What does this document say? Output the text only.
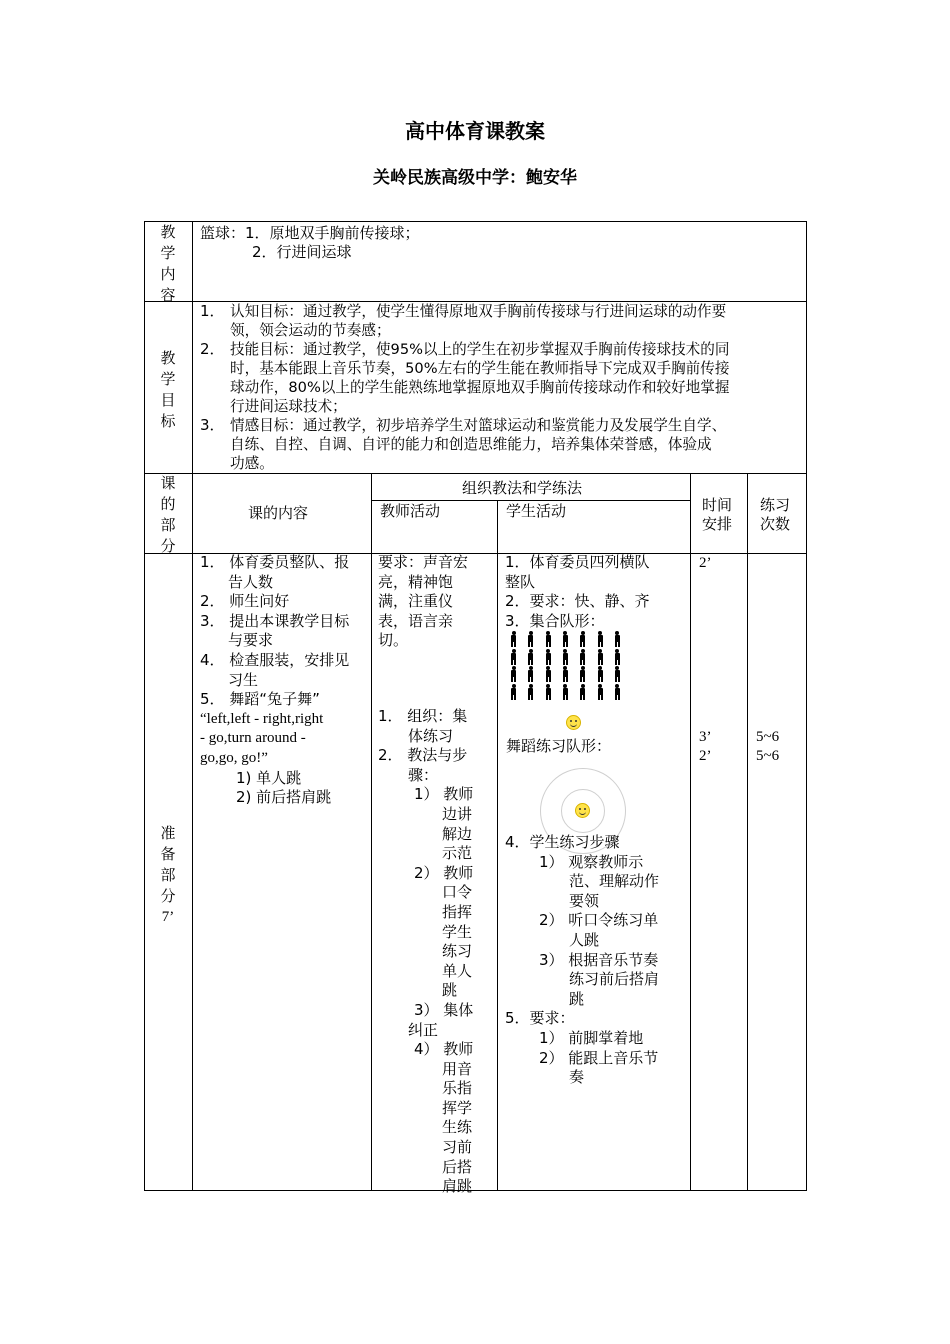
高中体育课教案
关岭民族高级中学：鲍安华
教
学
内
容
篮球：1．原地双手胸前传接球；
2．行进间运球
教
学
目
标
1． 认知目标：通过教学，使学生懂得原地双手胸前传接球与行进间运球的动作要
领，领会运动的节奏感；
2． 技能目标：通过教学，使95%以上的学生在初步掌握双手胸前传接球技术的同
时，基本能跟上音乐节奏，50%左右的学生能在教师指导下完成双手胸前传接
球动作，80%以上的学生能熟练地掌握原地双手胸前传接球动作和较好地掌握
行进间运球技术；
3． 情感目标：通过教学，初步培养学生对篮球运动和鉴赏能力及发展学生自学、
自练、自控、自调、自评的能力和创造思维能力，培养集体荣誉感，体验成
功感。
课
的
部
分
课的内容
组织教法和学练法
教师活动	学生活动	时间
安排
练习
次数
准
备
部
分
7’
1． 体育委员整队、报
告人数
2． 师生问好
3． 提出本课教学目标
与要求
4． 检查服装，安排见
习生
5． 舞蹈“兔子舞”
“left,left - right,right
- go,turn around -
go,go, go!”
1) 单人跳
2) 前后搭肩跳
要求：声音宏
亮，精神饱
满，注重仪
表，语言亲
切。
1． 组织：集
体练习
2． 教法与步
骤：
1） 教师
边讲
解边
示范
2） 教师
口令
指挥
学生
练习
单人
跳
3） 集体
纠正
4） 教师
用音
乐指
挥学
生练
习前
后搭
肩跳
1．体育委员四列横队
整队
2．要求：快、静、齐
3．集合队形：
舞蹈练习队形：
4．学生练习步骤
1） 观察教师示
范、理解动作
要领
2） 听口令练习单
人跳
3） 根据音乐节奏
练习前后搭肩
跳
5．要求：
1） 前脚掌着地
2） 能跟上音乐节
奏
2’
3’
2’
5~6
5~6
